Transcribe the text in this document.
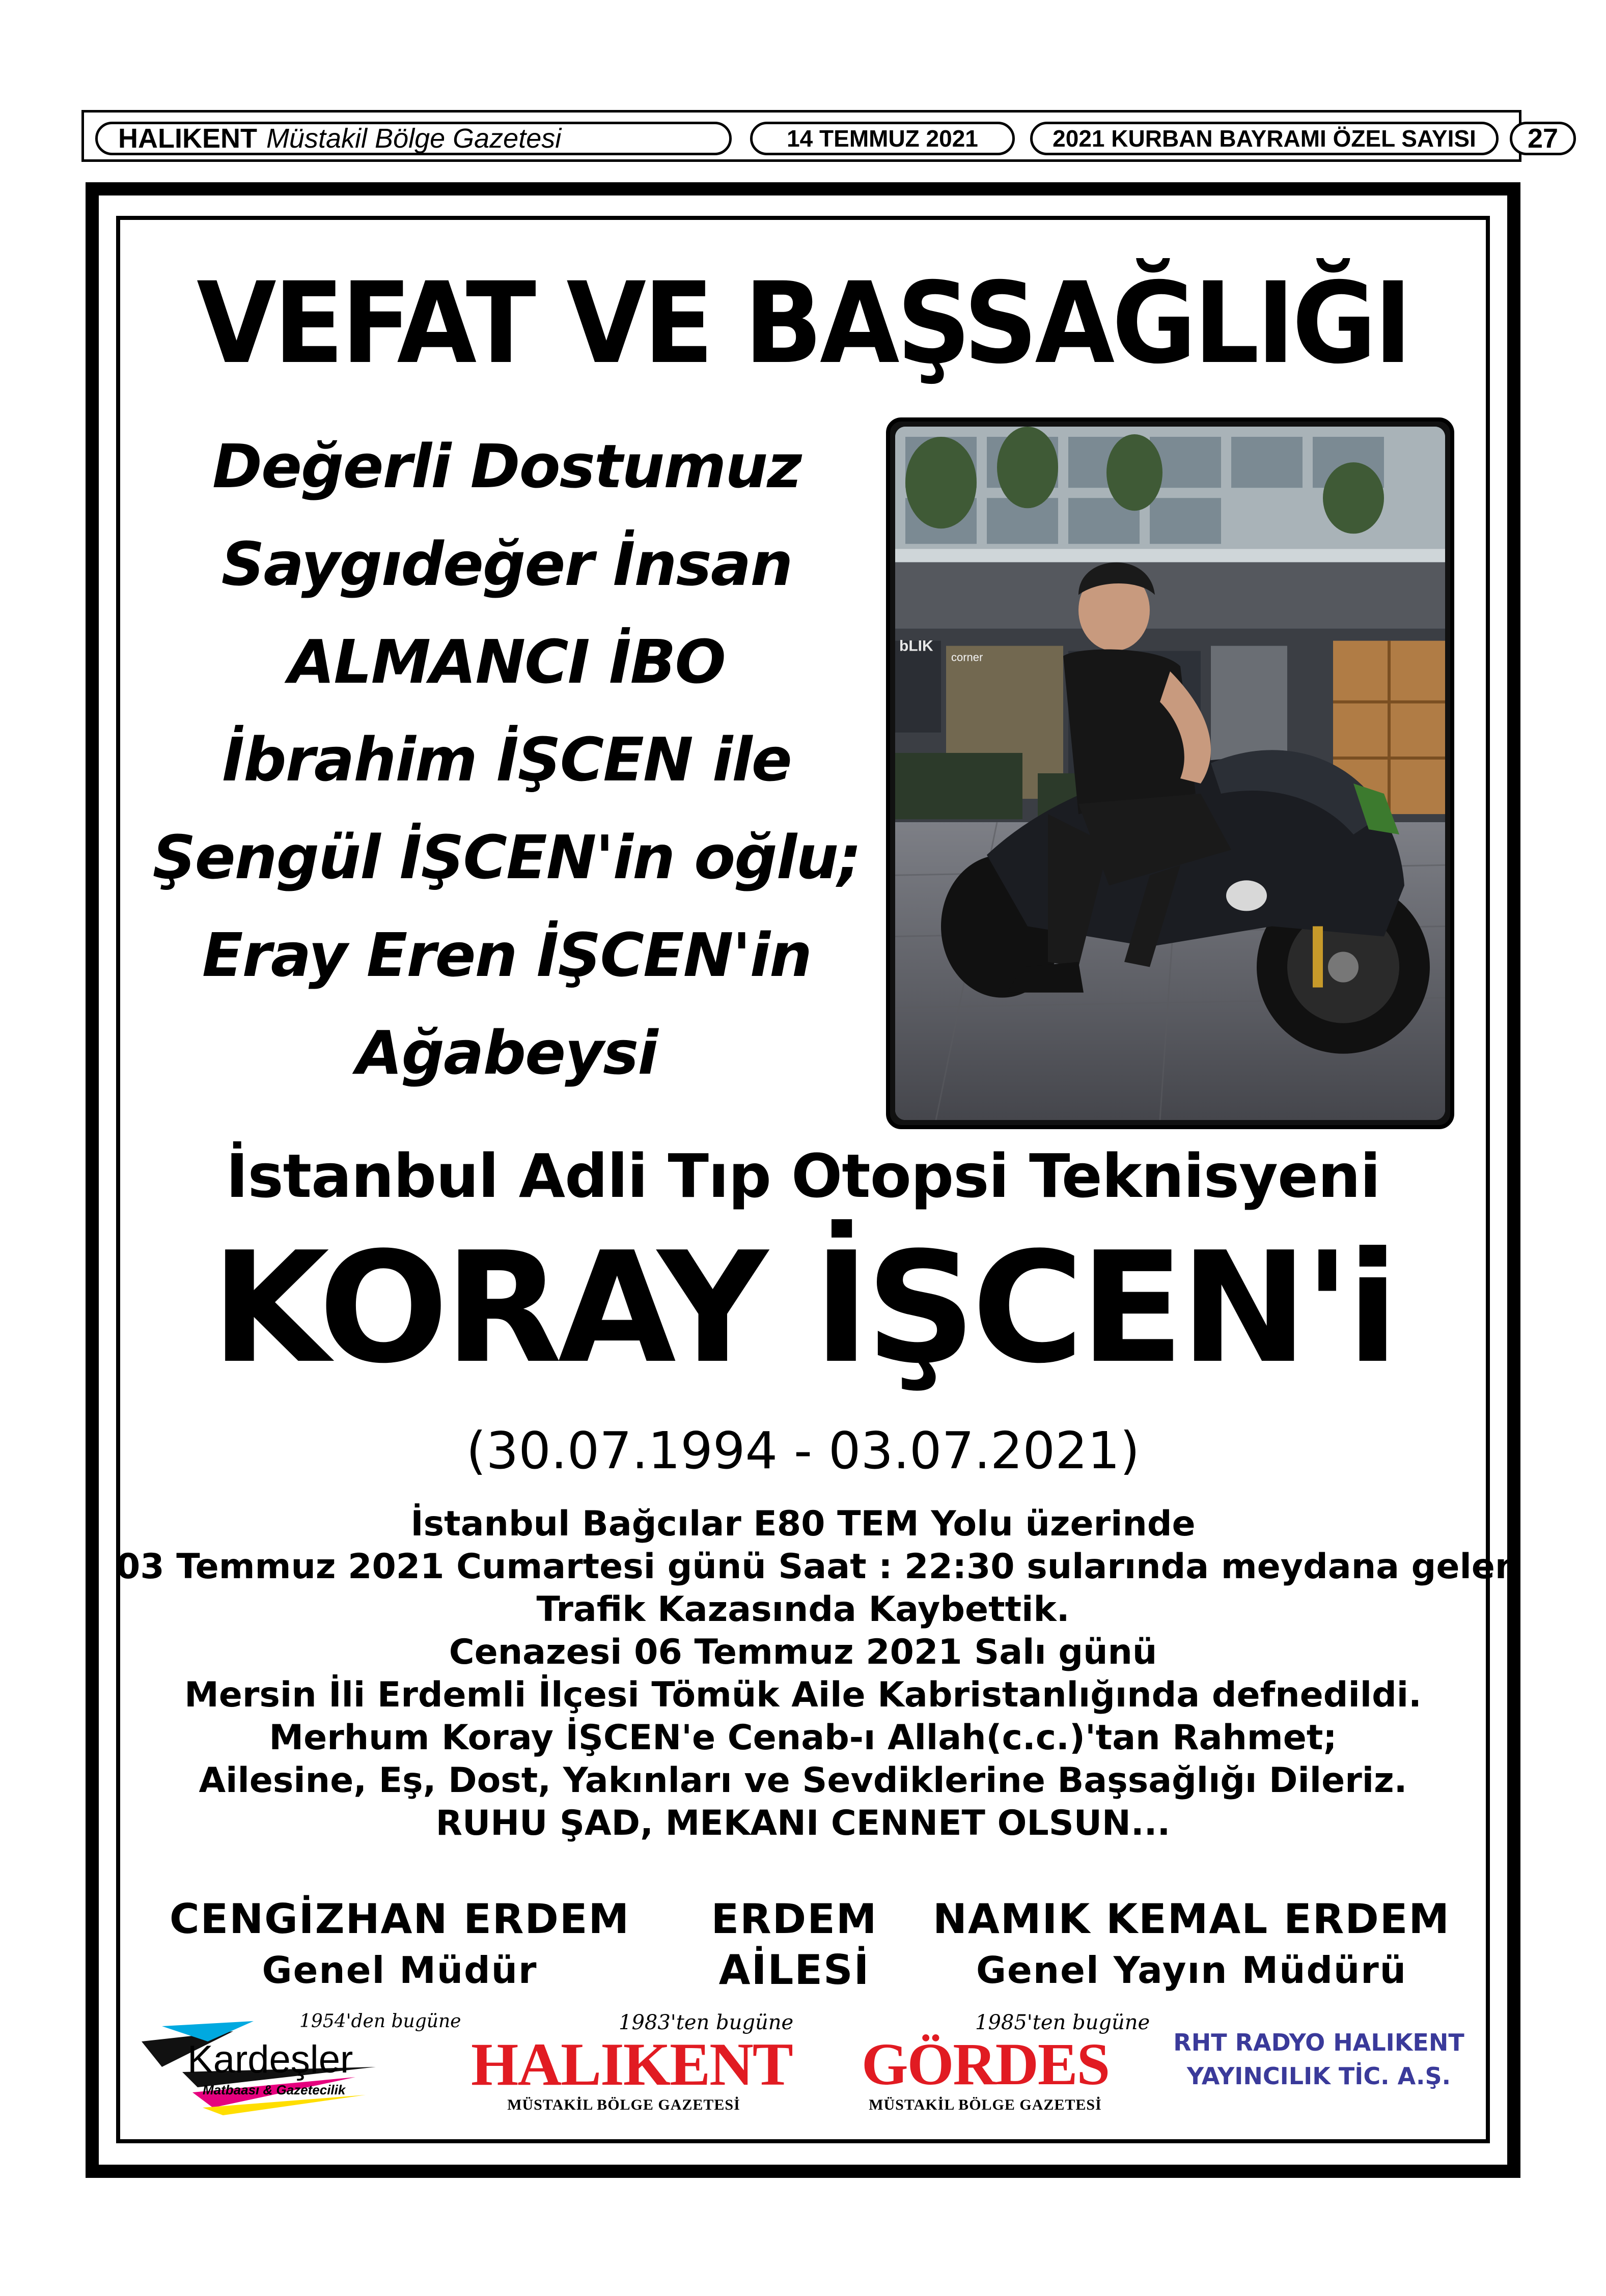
HALIKENT Müstakil Bölge Gazetesi	14 TEMMUZ 2021	2021 KURBAN BAYRAMI ÖZEL SAYISI	27
VEFAT VE BAŞSAĞLIĞI
Değerli Dostumuz
Saygıdeğer İnsan
ALMANCI İBO
İbrahim İŞCEN ile
Şengül İŞCEN'in oğlu;
Eray Eren İŞCEN'in
Ağabeysi
bLIK
corner
İstanbul Adli Tıp Otopsi Teknisyeni
KORAY İŞCEN'i
(30.07.1994 - 03.07.2021)
İstanbul Bağcılar E80 TEM Yolu üzerinde
03 Temmuz 2021 Cumartesi günü Saat : 22:30 sularında meydana gelen
Trafik Kazasında Kaybettik.
Cenazesi 06 Temmuz 2021 Salı günü
Mersin İli Erdemli İlçesi Tömük Aile Kabristanlığında defnedildi.
Merhum Koray İŞCEN'e Cenab-ı Allah(c.c.)'tan Rahmet;
Ailesine, Eş, Dost, Yakınları ve Sevdiklerine Başsağlığı Dileriz.
RUHU ŞAD, MEKANI CENNET OLSUN...
CENGİZHAN ERDEM
Genel Müdür
ERDEM
AİLESİ
NAMIK KEMAL ERDEM
Genel Yayın Müdürü
1954'den bugüne
Kardeşler
Matbaası & Gazetecilik
1983'ten bugüne
HALIKENT
MÜSTAKİL BÖLGE GAZETESİ
1985'ten bugüne
GÖRDES
MÜSTAKİL BÖLGE GAZETESİ
RHT RADYO HALIKENT
YAYINCILIK TİC. A.Ş.
